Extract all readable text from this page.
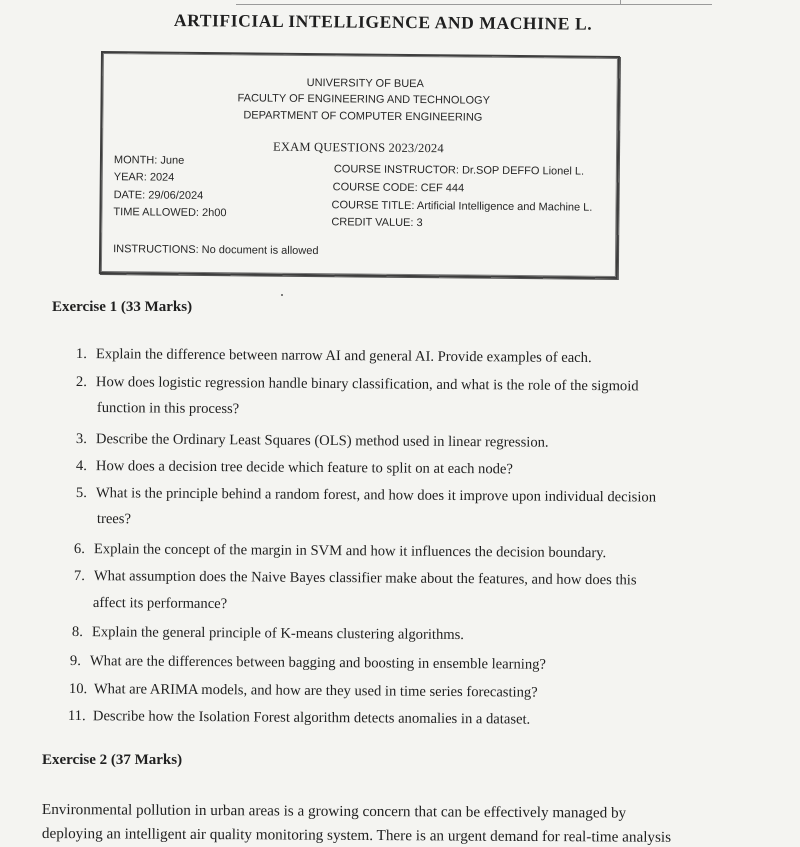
ARTIFICIAL INTELLIGENCE AND MACHINE L.
UNIVERSITY OF BUEA
FACULTY OF ENGINEERING AND TECHNOLOGY
DEPARTMENT OF COMPUTER ENGINEERING
EXAM QUESTIONS 2023/2024
MONTH: June
YEAR: 2024
DATE: 29/06/2024
TIME ALLOWED: 2h00
COURSE INSTRUCTOR: Dr.SOP DEFFO Lionel L.
COURSE CODE: CEF 444
COURSE TITLE: Artificial Intelligence and Machine L.
CREDIT VALUE: 3
INSTRUCTIONS: No document is allowed
Exercise 1 (33 Marks)
1. Explain the difference between narrow AI and general AI. Provide examples of each.
2. How does logistic regression handle binary classification, and what is the role of the sigmoid
function in this process?
3. Describe the Ordinary Least Squares (OLS) method used in linear regression.
4. How does a decision tree decide which feature to split on at each node?
5. What is the principle behind a random forest, and how does it improve upon individual decision
trees?
6. Explain the concept of the margin in SVM and how it influences the decision boundary.
7. What assumption does the Naive Bayes classifier make about the features, and how does this
affect its performance?
8. Explain the general principle of K-means clustering algorithms.
9. What are the differences between bagging and boosting in ensemble learning?
10. What are ARIMA models, and how are they used in time series forecasting?
11. Describe how the Isolation Forest algorithm detects anomalies in a dataset.
Exercise 2 (37 Marks)
Environmental pollution in urban areas is a growing concern that can be effectively managed by
deploying an intelligent air quality monitoring system. There is an urgent demand for real-time analysis
